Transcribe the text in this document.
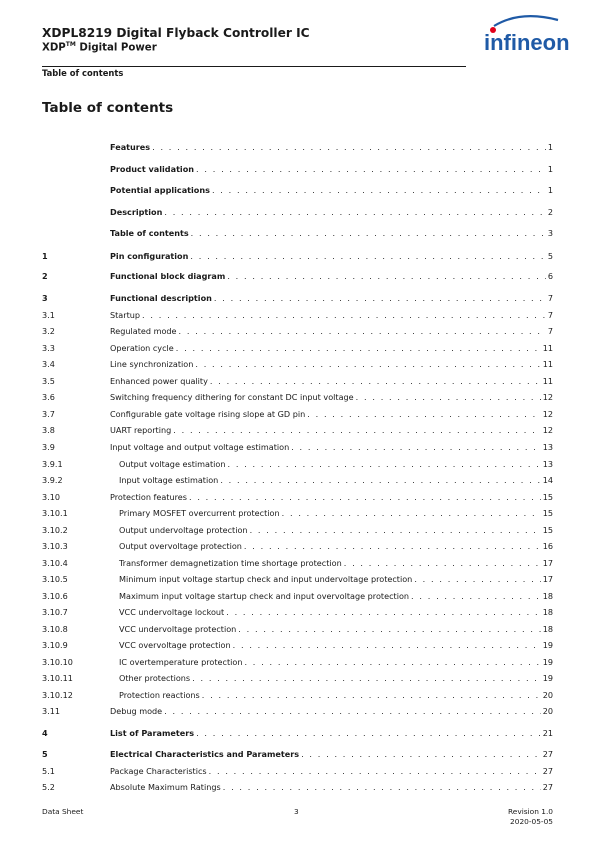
XDPL8219 Digital Flyback Controller IC
XDP™ Digital Power	infineon
Table of contents
Table of contents
Features . . .	1
Product validation . . .	1
Potential applications . . .	1
Description . . .	2
Table of contents . . .	3
1	Pin configuration . . .	5
2	Functional block diagram . . .	6
3	Functional description . . .	7
3.1	Startup . . .	7
3.2	Regulated mode . . .	7
3.3	Operation cycle . . .	11
3.4	Line synchronization . . .	11
3.5	Enhanced power quality . . .	11
3.6	Switching frequency dithering for constant DC input voltage . . .	12
3.7	Configurable gate voltage rising slope at GD pin . . .	12
3.8	UART reporting . . .	12
3.9	Input voltage and output voltage estimation . . .	13
3.9.1	Output voltage estimation . . .	13
3.9.2	Input voltage estimation . . .	14
3.10	Protection features . . .	15
3.10.1	Primary MOSFET overcurrent protection . . .	15
3.10.2	Output undervoltage protection . . .	15
3.10.3	Output overvoltage protection . . .	16
3.10.4	Transformer demagnetization time shortage protection . . .	17
3.10.5	Minimum input voltage startup check and input undervoltage protection . . .	17
3.10.6	Maximum input voltage startup check and input overvoltage protection . . .	18
3.10.7	VCC undervoltage lockout . . .	18
3.10.8	VCC undervoltage protection . . .	18
3.10.9	VCC overvoltage protection . . .	19
3.10.10	IC overtemperature protection . . .	19
3.10.11	Other protections . . .	19
3.10.12	Protection reactions . . .	20
3.11	Debug mode . . .	20
4	List of Parameters . . .	21
5	Electrical Characteristics and Parameters . . .	27
5.1	Package Characteristics . . .	27
5.2	Absolute Maximum Ratings . . .	27
Data Sheet	3	Revision 1.0
2020-05-05
